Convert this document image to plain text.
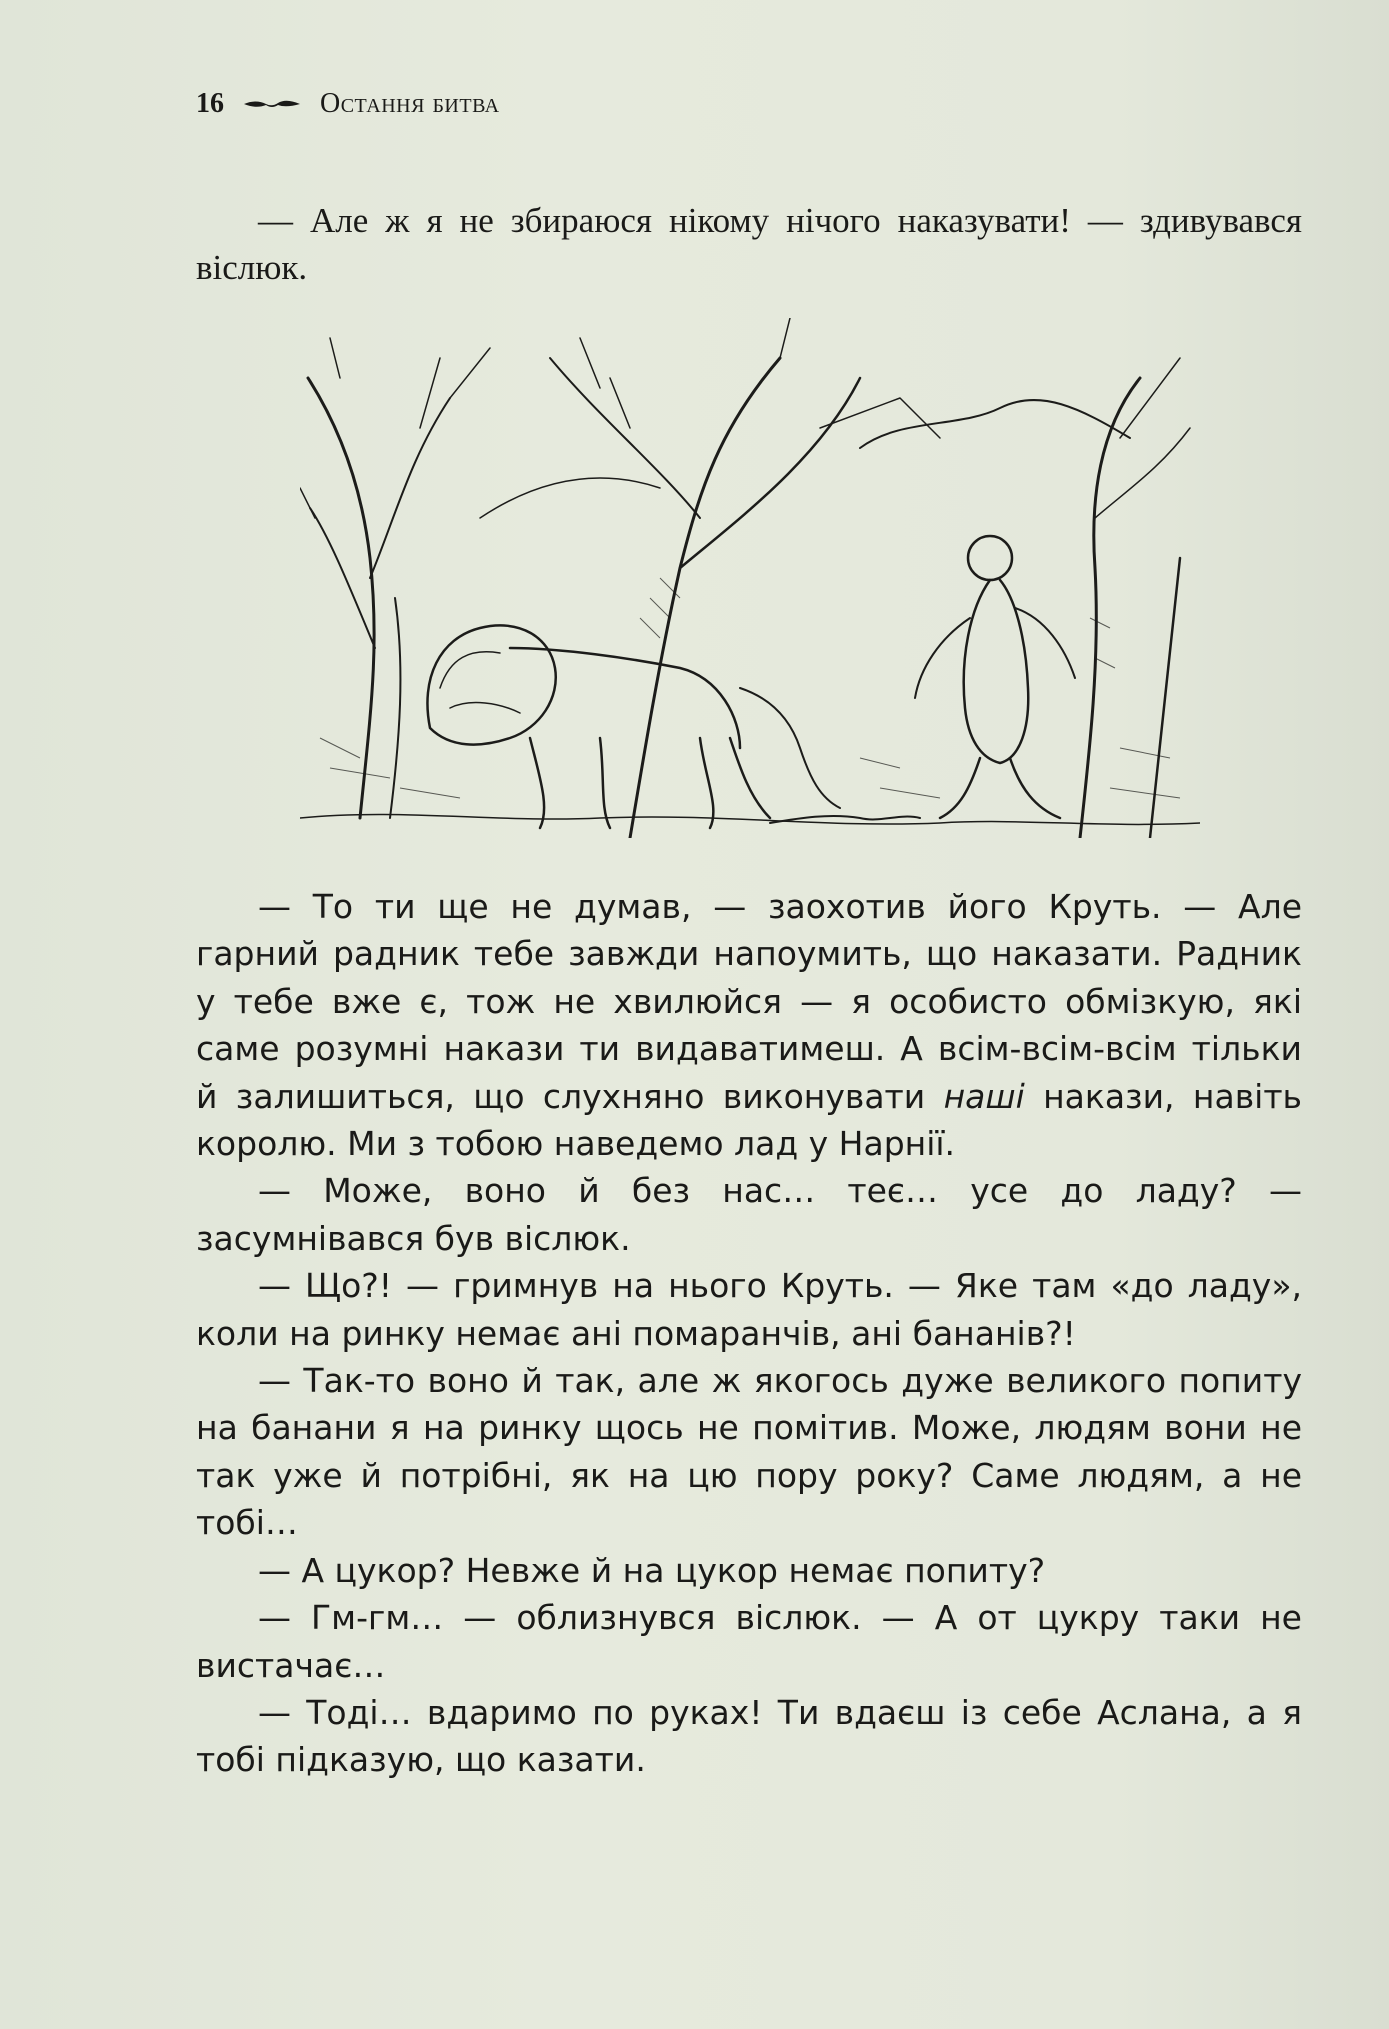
16	Остання битва

— Але ж я не збираюся нікому нічого наказувати! — здивувався віслюк.

— То ти ще не думав, — заохотив його Круть. — Але гарний радник тебе завжди напоумить, що наказати. Радник у тебе вже є, тож не хвилюйся — я особисто обмізкую, які саме розумні накази ти видаватимеш. А всім-всім-всім тільки й залишиться, що слухняно виконувати наші накази, навіть королю. Ми з тобою наведемо лад у Нарнії.

— Може, воно й без нас… теє… усе до ладу? — засумнівався був віслюк.

— Що?! — гримнув на нього Круть. — Яке там «до ладу», коли на ринку немає ані помаранчів, ані бананів?!

— Так-то воно й так, але ж якогось дуже великого попиту на банани я на ринку щось не помітив. Може, людям вони не так уже й потрібні, як на цю пору року? Саме людям, а не тобі…

— А цукор? Невже й на цукор немає попиту?

— Гм-гм… — облизнувся віслюк. — А от цукру таки не вистачає…

— Тоді… вдаримо по руках! Ти вдаєш із себе Аслана, а я тобі підказую, що казати.
